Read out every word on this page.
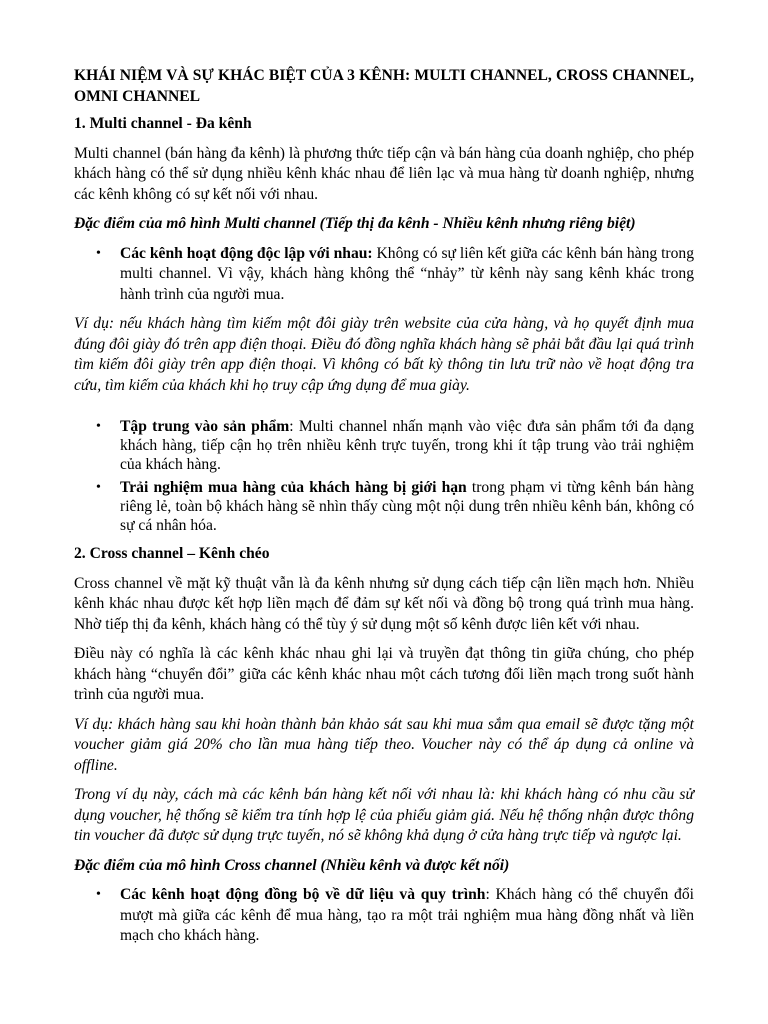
KHÁI NIỆM VÀ SỰ KHÁC BIỆT CỦA 3 KÊNH: MULTI CHANNEL, CROSS CHANNEL, OMNI CHANNEL
1. Multi channel - Đa kênh

Multi channel (bán hàng đa kênh) là phương thức tiếp cận và bán hàng của doanh nghiệp, cho phép khách hàng có thể sử dụng nhiều kênh khác nhau để liên lạc và mua hàng từ doanh nghiệp, nhưng các kênh không có sự kết nối với nhau.

Đặc điểm của mô hình Multi channel (Tiếp thị đa kênh - Nhiều kênh nhưng riêng biệt)

• Các kênh hoạt động độc lập với nhau: Không có sự liên kết giữa các kênh bán hàng trong multi channel. Vì vậy, khách hàng không thể “nhảy” từ kênh này sang kênh khác trong hành trình của người mua.

Ví dụ: nếu khách hàng tìm kiếm một đôi giày trên website của cửa hàng, và họ quyết định mua đúng đôi giày đó trên app điện thoại. Điều đó đồng nghĩa khách hàng sẽ phải bắt đầu lại quá trình tìm kiếm đôi giày trên app điện thoại. Vì không có bất kỳ thông tin lưu trữ nào về hoạt động tra cứu, tìm kiếm của khách khi họ truy cập ứng dụng để mua giày.

• Tập trung vào sản phẩm: Multi channel nhấn mạnh vào việc đưa sản phẩm tới đa dạng khách hàng, tiếp cận họ trên nhiều kênh trực tuyến, trong khi ít tập trung vào trải nghiệm của khách hàng.
• Trải nghiệm mua hàng của khách hàng bị giới hạn trong phạm vi từng kênh bán hàng riêng lẻ, toàn bộ khách hàng sẽ nhìn thấy cùng một nội dung trên nhiều kênh bán, không có sự cá nhân hóa.
2. Cross channel – Kênh chéo

Cross channel về mặt kỹ thuật vẫn là đa kênh nhưng sử dụng cách tiếp cận liền mạch hơn. Nhiều kênh khác nhau được kết hợp liền mạch để đảm sự kết nối và đồng bộ trong quá trình mua hàng. Nhờ tiếp thị đa kênh, khách hàng có thể tùy ý sử dụng một số kênh được liên kết với nhau.

Điều này có nghĩa là các kênh khác nhau ghi lại và truyền đạt thông tin giữa chúng, cho phép khách hàng “chuyển đổi” giữa các kênh khác nhau một cách tương đối liền mạch trong suốt hành trình của người mua.

Ví dụ: khách hàng sau khi hoàn thành bản khảo sát sau khi mua sắm qua email sẽ được tặng một voucher giảm giá 20% cho lần mua hàng tiếp theo. Voucher này có thể áp dụng cả online và offline.

Trong ví dụ này, cách mà các kênh bán hàng kết nối với nhau là: khi khách hàng có nhu cầu sử dụng voucher, hệ thống sẽ kiểm tra tính hợp lệ của phiếu giảm giá. Nếu hệ thống nhận được thông tin voucher đã được sử dụng trực tuyến, nó sẽ không khả dụng ở cửa hàng trực tiếp và ngược lại.

Đặc điểm của mô hình Cross channel (Nhiều kênh và được kết nối)

• Các kênh hoạt động đồng bộ về dữ liệu và quy trình: Khách hàng có thể chuyển đổi mượt mà giữa các kênh để mua hàng, tạo ra một trải nghiệm mua hàng đồng nhất và liền mạch cho khách hàng.
